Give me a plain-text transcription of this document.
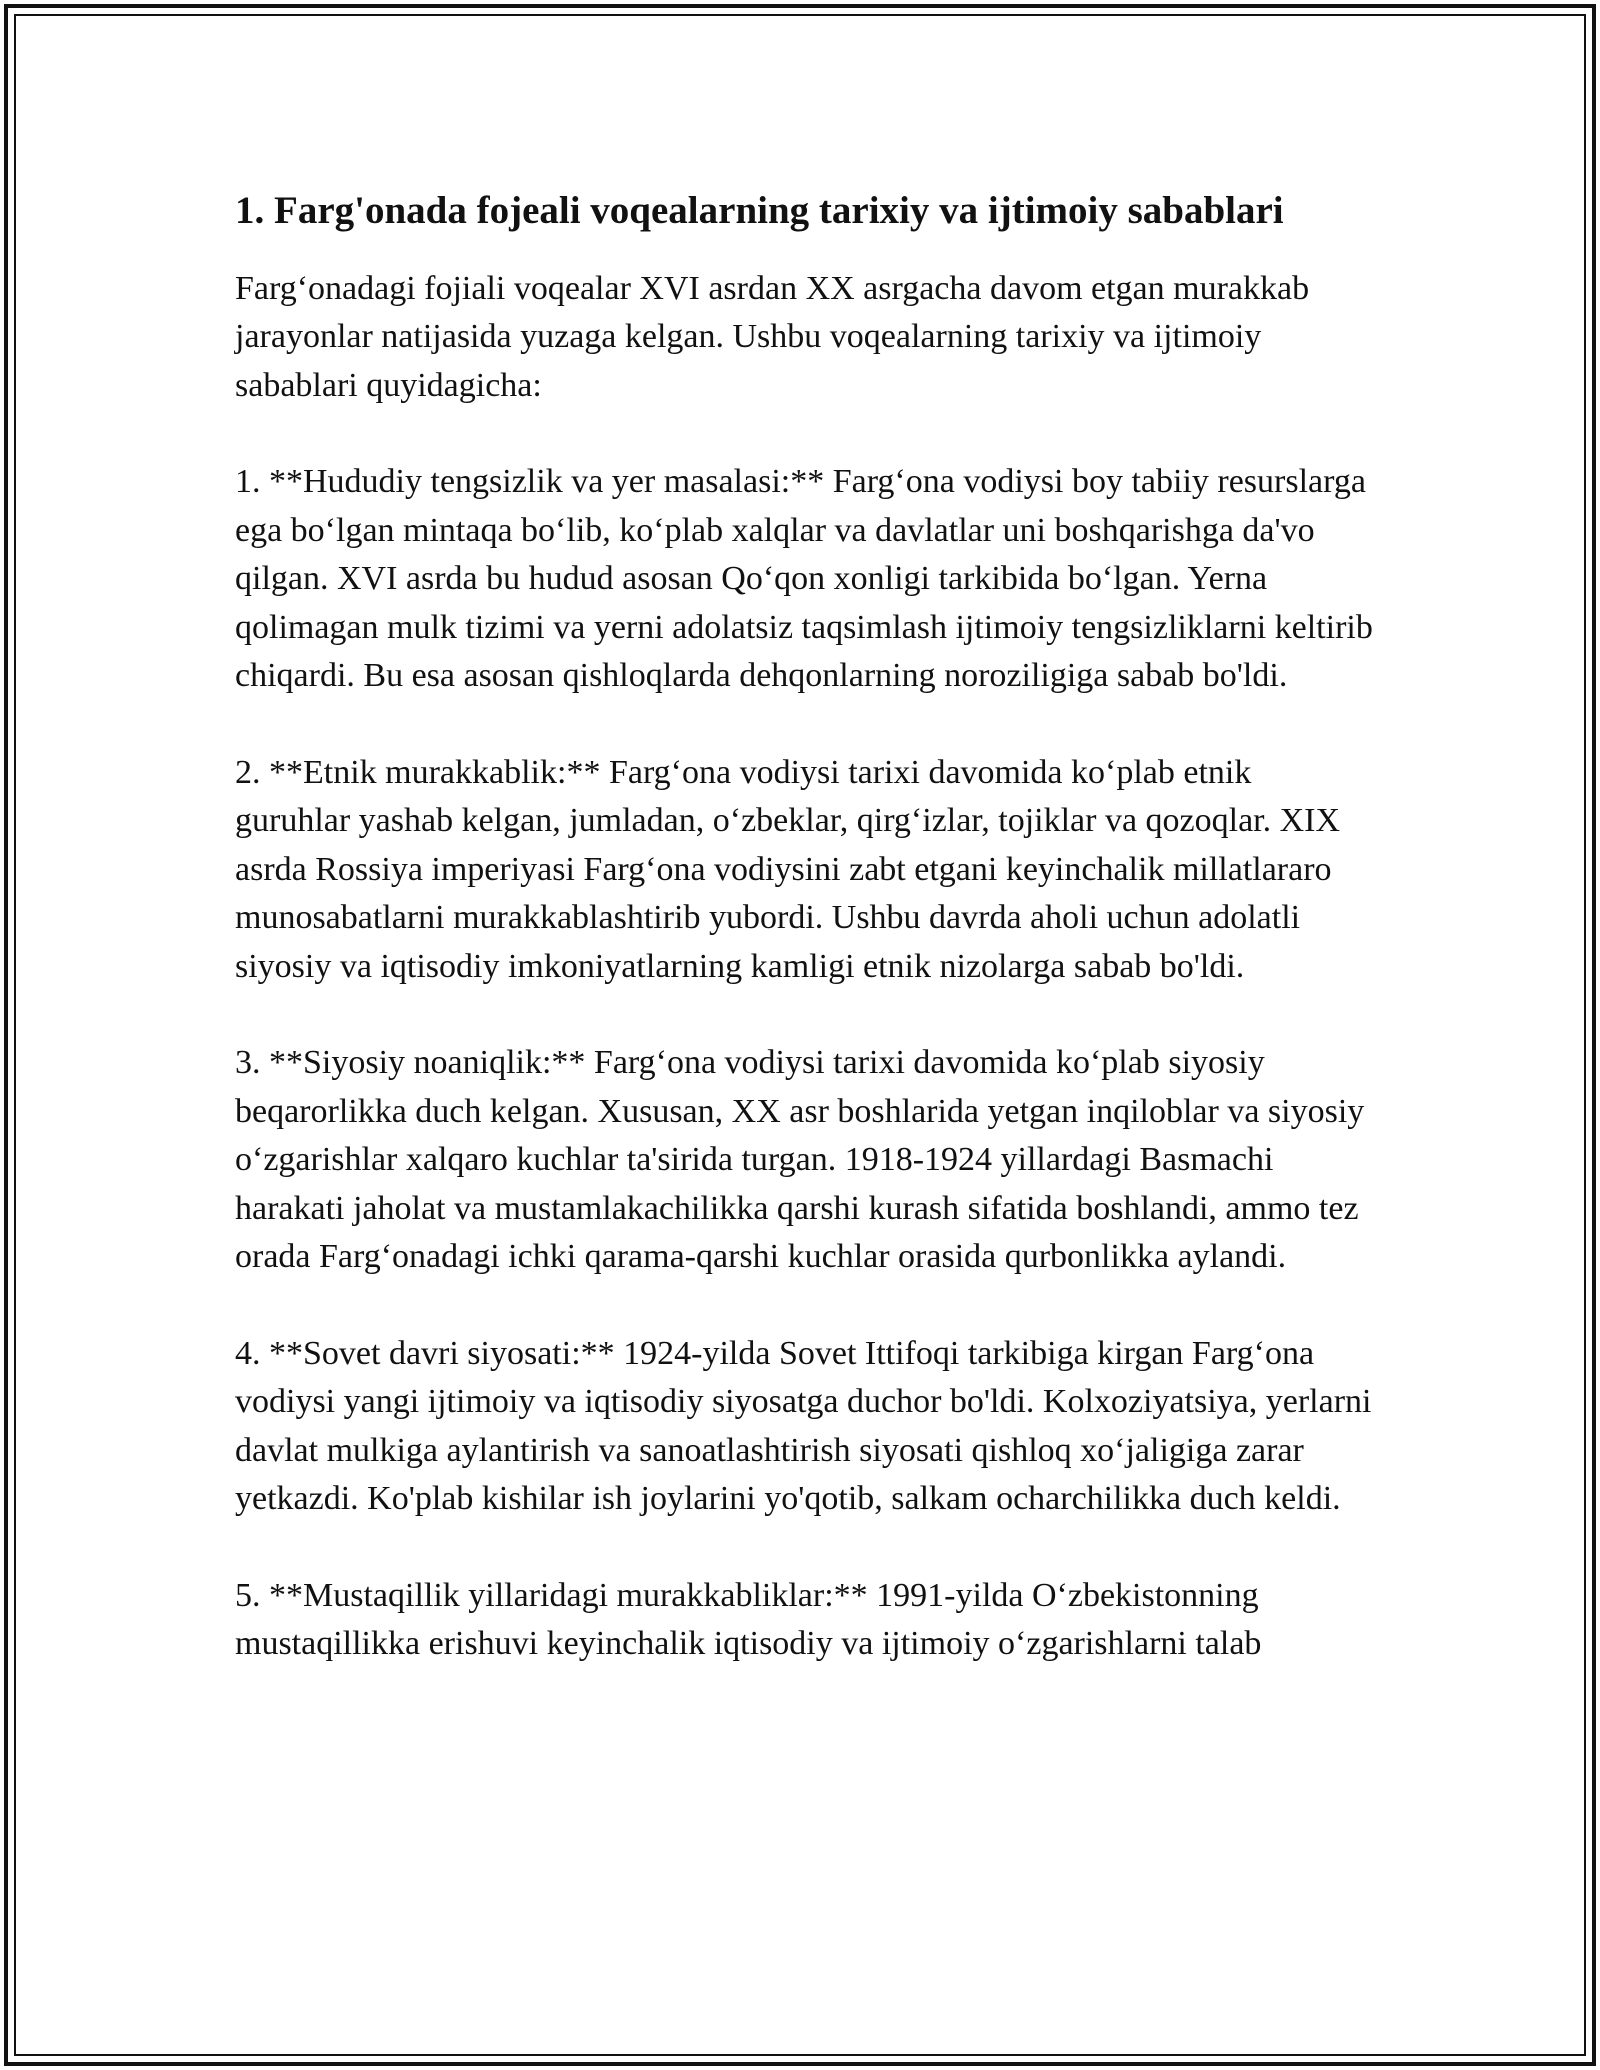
1. Farg'onada fojeali voqealarning tarixiy va ijtimoiy sabablari

Farg‘onadagi fojiali voqealar XVI asrdan XX asrgacha davom etgan murakkab jarayonlar natijasida yuzaga kelgan. Ushbu voqealarning tarixiy va ijtimoiy sabablari quyidagicha:

1. **Hududiy tengsizlik va yer masalasi:** Farg‘ona vodiysi boy tabiiy resurslarga ega bo‘lgan mintaqa bo‘lib, ko‘plab xalqlar va davlatlar uni boshqarishga da'vo qilgan. XVI asrda bu hudud asosan Qo‘qon xonligi tarkibida bo‘lgan. Yerna qolimagan mulk tizimi va yerni adolatsiz taqsimlash ijtimoiy tengsizliklarni keltirib chiqardi. Bu esa asosan qishloqlarda dehqonlarning noroziligiga sabab bo'ldi.

2. **Etnik murakkablik:** Farg‘ona vodiysi tarixi davomida ko‘plab etnik guruhlar yashab kelgan, jumladan, o‘zbeklar, qirg‘izlar, tojiklar va qozoqlar. XIX asrda Rossiya imperiyasi Farg‘ona vodiysini zabt etgani keyinchalik millatlararo munosabatlarni murakkablashtirib yubordi. Ushbu davrda aholi uchun adolatli siyosiy va iqtisodiy imkoniyatlarning kamligi etnik nizolarga sabab bo'ldi.

3. **Siyosiy noaniqlik:** Farg‘ona vodiysi tarixi davomida ko‘plab siyosiy beqarorlikka duch kelgan. Xususan, XX asr boshlarida yetgan inqiloblar va siyosiy o‘zgarishlar xalqaro kuchlar ta'sirida turgan. 1918-1924 yillardagi Basmachi harakati jaholat va mustamlakachilikka qarshi kurash sifatida boshlandi, ammo tez orada Farg‘onadagi ichki qarama-qarshi kuchlar orasida qurbonlikka aylandi.

4. **Sovet davri siyosati:** 1924-yilda Sovet Ittifoqi tarkibiga kirgan Farg‘ona vodiysi yangi ijtimoiy va iqtisodiy siyosatga duchor bo'ldi. Kolxoziyatsiya, yerlarni davlat mulkiga aylantirish va sanoatlashtirish siyosati qishloq xo‘jaligiga zarar yetkazdi. Ko'plab kishilar ish joylarini yo'qotib, salkam ocharchilikka duch keldi.

5. **Mustaqillik yillaridagi murakkabliklar:** 1991-yilda O‘zbekistonning mustaqillikka erishuvi keyinchalik iqtisodiy va ijtimoiy o‘zgarishlarni talab
